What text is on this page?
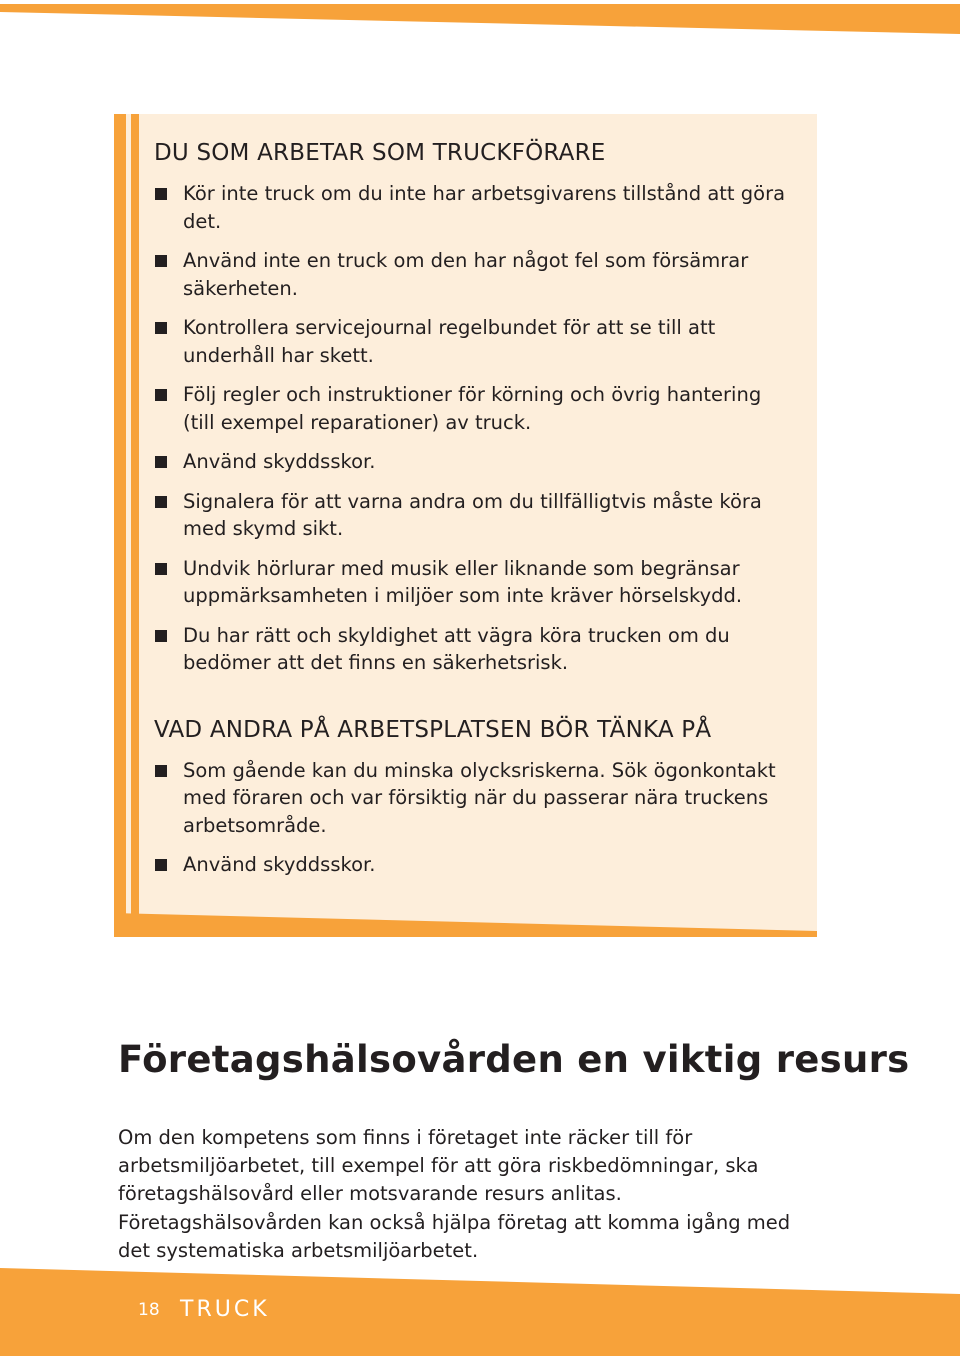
DU SOM ARBETAR SOM TRUCKFÖRARE
Kör inte truck om du inte har arbetsgivarens tillstånd att göra det.
Använd inte en truck om den har något fel som försämrar säkerheten.
Kontrollera servicejournal regelbundet för att se till att underhåll har skett.
Följ regler och instruktioner för körning och övrig hantering (till exempel reparationer) av truck.
Använd skyddsskor.
Signalera för att varna andra om du tillfälligtvis måste köra med skymd sikt.
Undvik hörlurar med musik eller liknande som begränsar uppmärksamheten i miljöer som inte kräver hörselskydd.
Du har rätt och skyldighet att vägra köra trucken om du bedömer att det finns en säkerhetsrisk.
VAD ANDRA PÅ ARBETSPLATSEN BÖR TÄNKA PÅ
Som gående kan du minska olycksriskerna. Sök ögonkontakt med föraren och var försiktig när du passerar nära truckens arbetsområde.
Använd skyddsskor.
Företagshälsovården en viktig resurs

Om den kompetens som finns i företaget inte räcker till för arbetsmiljöarbetet, till exempel för att göra riskbedömningar, ska företagshälsovård eller motsvarande resurs anlitas. Företagshälsovården kan också hjälpa företag att komma igång med det systematiska arbetsmiljöarbetet.

18 TRUCK
